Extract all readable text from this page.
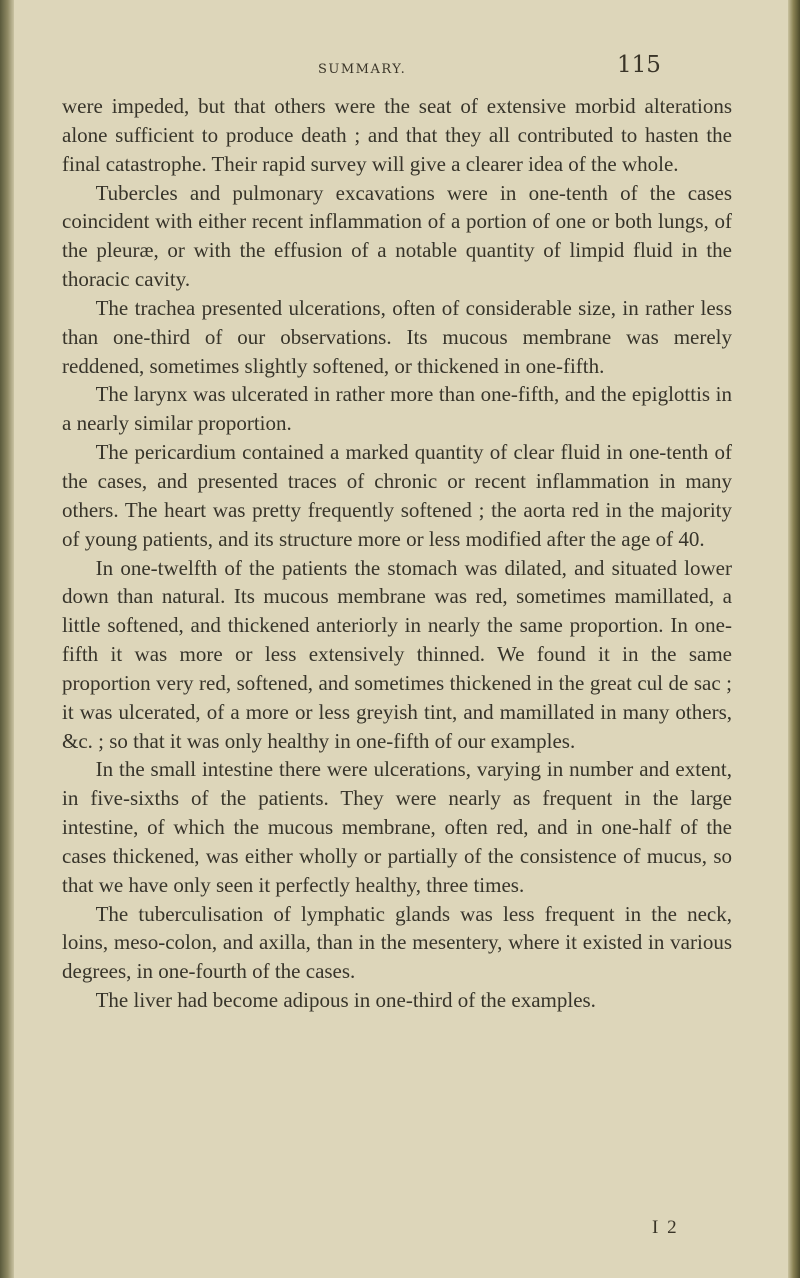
SUMMARY.	115

were impeded, but that others were the seat of extensive morbid alterations alone sufficient to produce death ; and that they all contributed to hasten the final catastrophe. Their rapid survey will give a clearer idea of the whole.

Tubercles and pulmonary excavations were in one-tenth of the cases coincident with either recent inflammation of a portion of one or both lungs, of the pleuræ, or with the effusion of a notable quantity of limpid fluid in the thoracic cavity.

The trachea presented ulcerations, often of considerable size, in rather less than one-third of our observations. Its mucous membrane was merely reddened, sometimes slightly softened, or thickened in one-fifth.

The larynx was ulcerated in rather more than one-fifth, and the epiglottis in a nearly similar proportion.

The pericardium contained a marked quantity of clear fluid in one-tenth of the cases, and presented traces of chronic or recent inflammation in many others. The heart was pretty frequently softened ; the aorta red in the majority of young patients, and its structure more or less modified after the age of 40.

In one-twelfth of the patients the stomach was dilated, and situated lower down than natural. Its mucous membrane was red, sometimes mamillated, a little softened, and thickened anteriorly in nearly the same proportion. In one-fifth it was more or less extensively thinned. We found it in the same proportion very red, softened, and sometimes thickened in the great cul de sac ; it was ulcerated, of a more or less greyish tint, and mamillated in many others, &c. ; so that it was only healthy in one-fifth of our examples.

In the small intestine there were ulcerations, varying in number and extent, in five-sixths of the patients. They were nearly as frequent in the large intestine, of which the mucous membrane, often red, and in one-half of the cases thickened, was either wholly or partially of the consistence of mucus, so that we have only seen it perfectly healthy, three times.

The tuberculisation of lymphatic glands was less frequent in the neck, loins, meso-colon, and axilla, than in the mesentery, where it existed in various degrees, in one-fourth of the cases.

The liver had become adipous in one-third of the examples.

I 2
